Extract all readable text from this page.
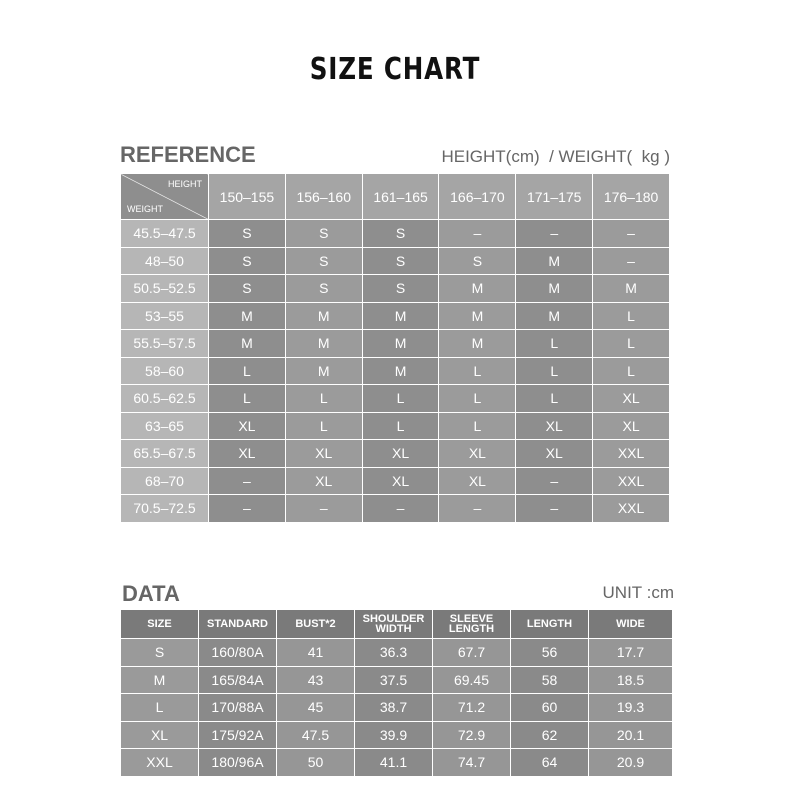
SIZE CHART
REFERENCE	HEIGHT(cm)  / WEIGHT(  kg )
HEIGHT
WEIGHT	150–155	156–160	161–165	166–170	171–175	176–180
45.5–47.5	S	S	S	–	–	–
48–50	S	S	S	S	M	–
50.5–52.5	S	S	S	M	M	M
53–55	M	M	M	M	M	L
55.5–57.5	M	M	M	M	L	L
58–60	L	M	M	L	L	L
60.5–62.5	L	L	L	L	L	XL
63–65	XL	L	L	L	XL	XL
65.5–67.5	XL	XL	XL	XL	XL	XXL
68–70	–	XL	XL	XL	–	XXL
70.5–72.5	–	–	–	–	–	XXL
DATA	UNIT :cm
SIZE	STANDARD	BUST*2	SHOULDER WIDTH	SLEEVE LENGTH	LENGTH	WIDE
S	160/80A	41	36.3	67.7	56	17.7
M	165/84A	43	37.5	69.45	58	18.5
L	170/88A	45	38.7	71.2	60	19.3
XL	175/92A	47.5	39.9	72.9	62	20.1
XXL	180/96A	50	41.1	74.7	64	20.9
